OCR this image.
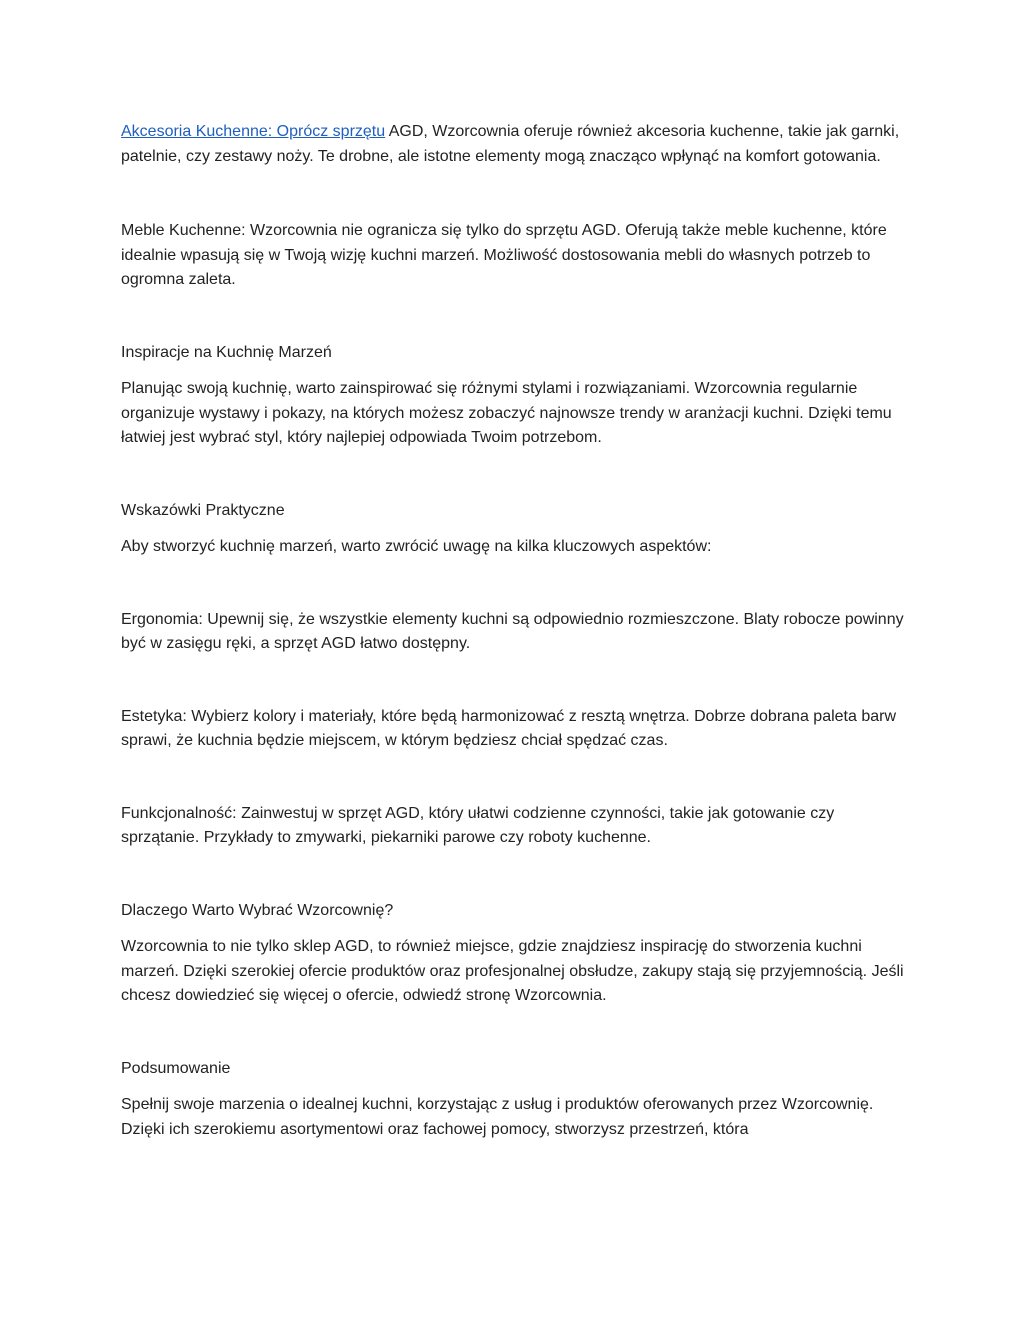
Akcesoria Kuchenne: Oprócz sprzętu AGD, Wzorcownia oferuje również akcesoria kuchenne, takie jak garnki, patelnie, czy zestawy noży. Te drobne, ale istotne elementy mogą znacząco wpłynąć na komfort gotowania.

Meble Kuchenne: Wzorcownia nie ogranicza się tylko do sprzętu AGD. Oferują także meble kuchenne, które idealnie wpasują się w Twoją wizję kuchni marzeń. Możliwość dostosowania mebli do własnych potrzeb to ogromna zaleta.

Inspiracje na Kuchnię Marzeń

Planując swoją kuchnię, warto zainspirować się różnymi stylami i rozwiązaniami. Wzorcownia regularnie organizuje wystawy i pokazy, na których możesz zobaczyć najnowsze trendy w aranżacji kuchni. Dzięki temu łatwiej jest wybrać styl, który najlepiej odpowiada Twoim potrzebom.

Wskazówki Praktyczne

Aby stworzyć kuchnię marzeń, warto zwrócić uwagę na kilka kluczowych aspektów:

Ergonomia: Upewnij się, że wszystkie elementy kuchni są odpowiednio rozmieszczone. Blaty robocze powinny być w zasięgu ręki, a sprzęt AGD łatwo dostępny.

Estetyka: Wybierz kolory i materiały, które będą harmonizować z resztą wnętrza. Dobrze dobrana paleta barw sprawi, że kuchnia będzie miejscem, w którym będziesz chciał spędzać czas.

Funkcjonalność: Zainwestuj w sprzęt AGD, który ułatwi codzienne czynności, takie jak gotowanie czy sprzątanie. Przykłady to zmywarki, piekarniki parowe czy roboty kuchenne.

Dlaczego Warto Wybrać Wzorcownię?

Wzorcownia to nie tylko sklep AGD, to również miejsce, gdzie znajdziesz inspirację do stworzenia kuchni marzeń. Dzięki szerokiej ofercie produktów oraz profesjonalnej obsłudze, zakupy stają się przyjemnością. Jeśli chcesz dowiedzieć się więcej o ofercie, odwiedź stronę Wzorcownia.

Podsumowanie

Spełnij swoje marzenia o idealnej kuchni, korzystając z usług i produktów oferowanych przez Wzorcownię. Dzięki ich szerokiemu asortymentowi oraz fachowej pomocy, stworzysz przestrzeń, która
